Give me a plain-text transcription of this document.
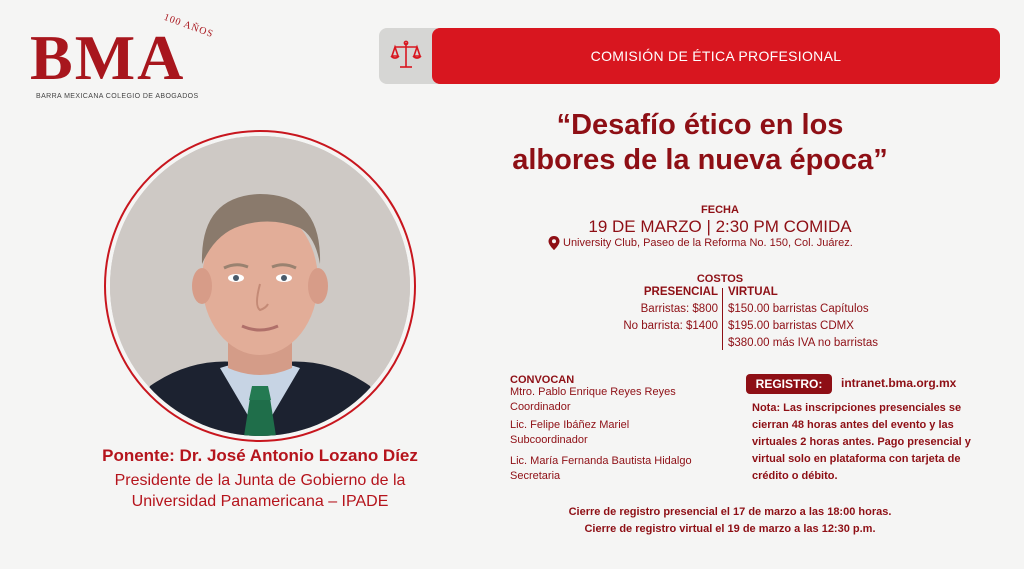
BMA
100 AÑOS
BARRA MEXICANA COLEGIO DE ABOGADOS
Ponente: Dr. José Antonio Lozano Díez
Presidente de la Junta de Gobierno de la
Universidad Panamericana – IPADE
COMISIÓN DE ÉTICA PROFESIONAL
“Desafío ético en los
albores de la nueva época”
FECHA
19 DE MARZO | 2:30 PM COMIDA
University Club, Paseo de la Reforma No. 150, Col. Juárez.
COSTOS
PRESENCIAL VIRTUAL
Barristas: $800
No barrista: $1400
$150.00 barristas Capítulos
$195.00 barristas CDMX
$380.00 más IVA no barristas
CONVOCAN
Mtro. Pablo Enrique Reyes Reyes
Coordinador
Lic. Felipe Ibáñez Mariel
Subcoordinador
Lic. María Fernanda Bautista Hidalgo
Secretaria
REGISTRO:	intranet.bma.org.mx
Nota: Las inscripciones presenciales se cierran 48 horas antes del evento y las virtuales 2 horas antes. Pago presencial y virtual solo en plataforma con tarjeta de crédito o débito.
Cierre de registro presencial el 17 de marzo a las 18:00 horas.
Cierre de registro virtual el 19 de marzo a las 12:30 p.m.
